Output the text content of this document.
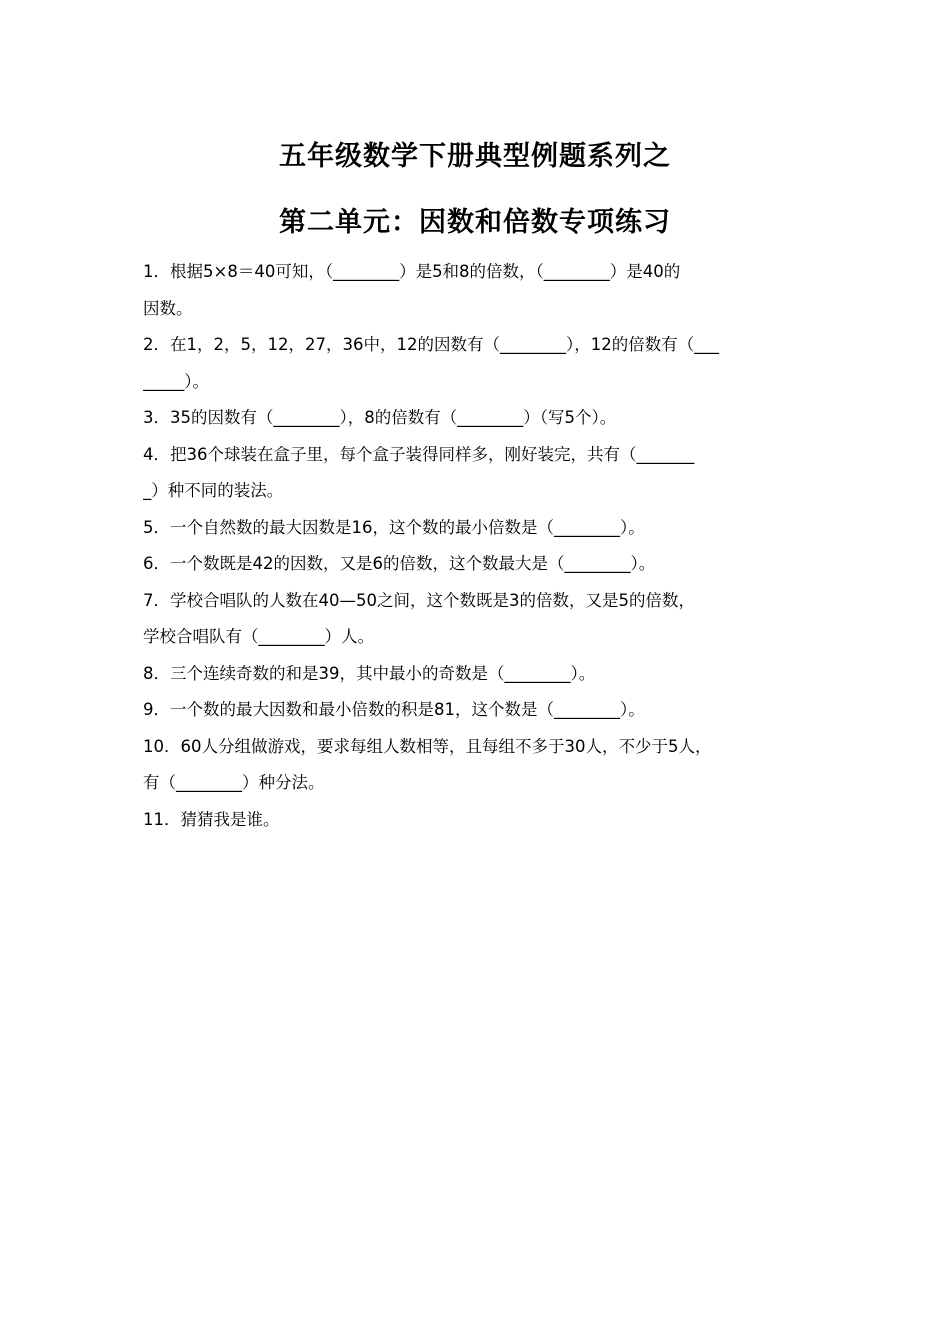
五年级数学下册典型例题系列之
第二单元：因数和倍数专项练习
1．根据5×8＝40可知，（________）是5和8的倍数，（________）是40的
因数。
2．在1，2，5，12，27，36中，12的因数有（________），12的倍数有（___
_____）。
3．35的因数有（________），8的倍数有（________）（写5个）。
4．把36个球装在盒子里，每个盒子装得同样多，刚好装完，共有（_______
_）种不同的装法。
5．一个自然数的最大因数是16，这个数的最小倍数是（________）。
6．一个数既是42的因数，又是6的倍数，这个数最大是（________）。
7．学校合唱队的人数在40—50之间，这个数既是3的倍数，又是5的倍数，
学校合唱队有（________）人。
8．三个连续奇数的和是39，其中最小的奇数是（________）。
9．一个数的最大因数和最小倍数的积是81，这个数是（________）。
10．60人分组做游戏，要求每组人数相等，且每组不多于30人，不少于5人，
有（________）种分法。
11．猜猜我是谁。
